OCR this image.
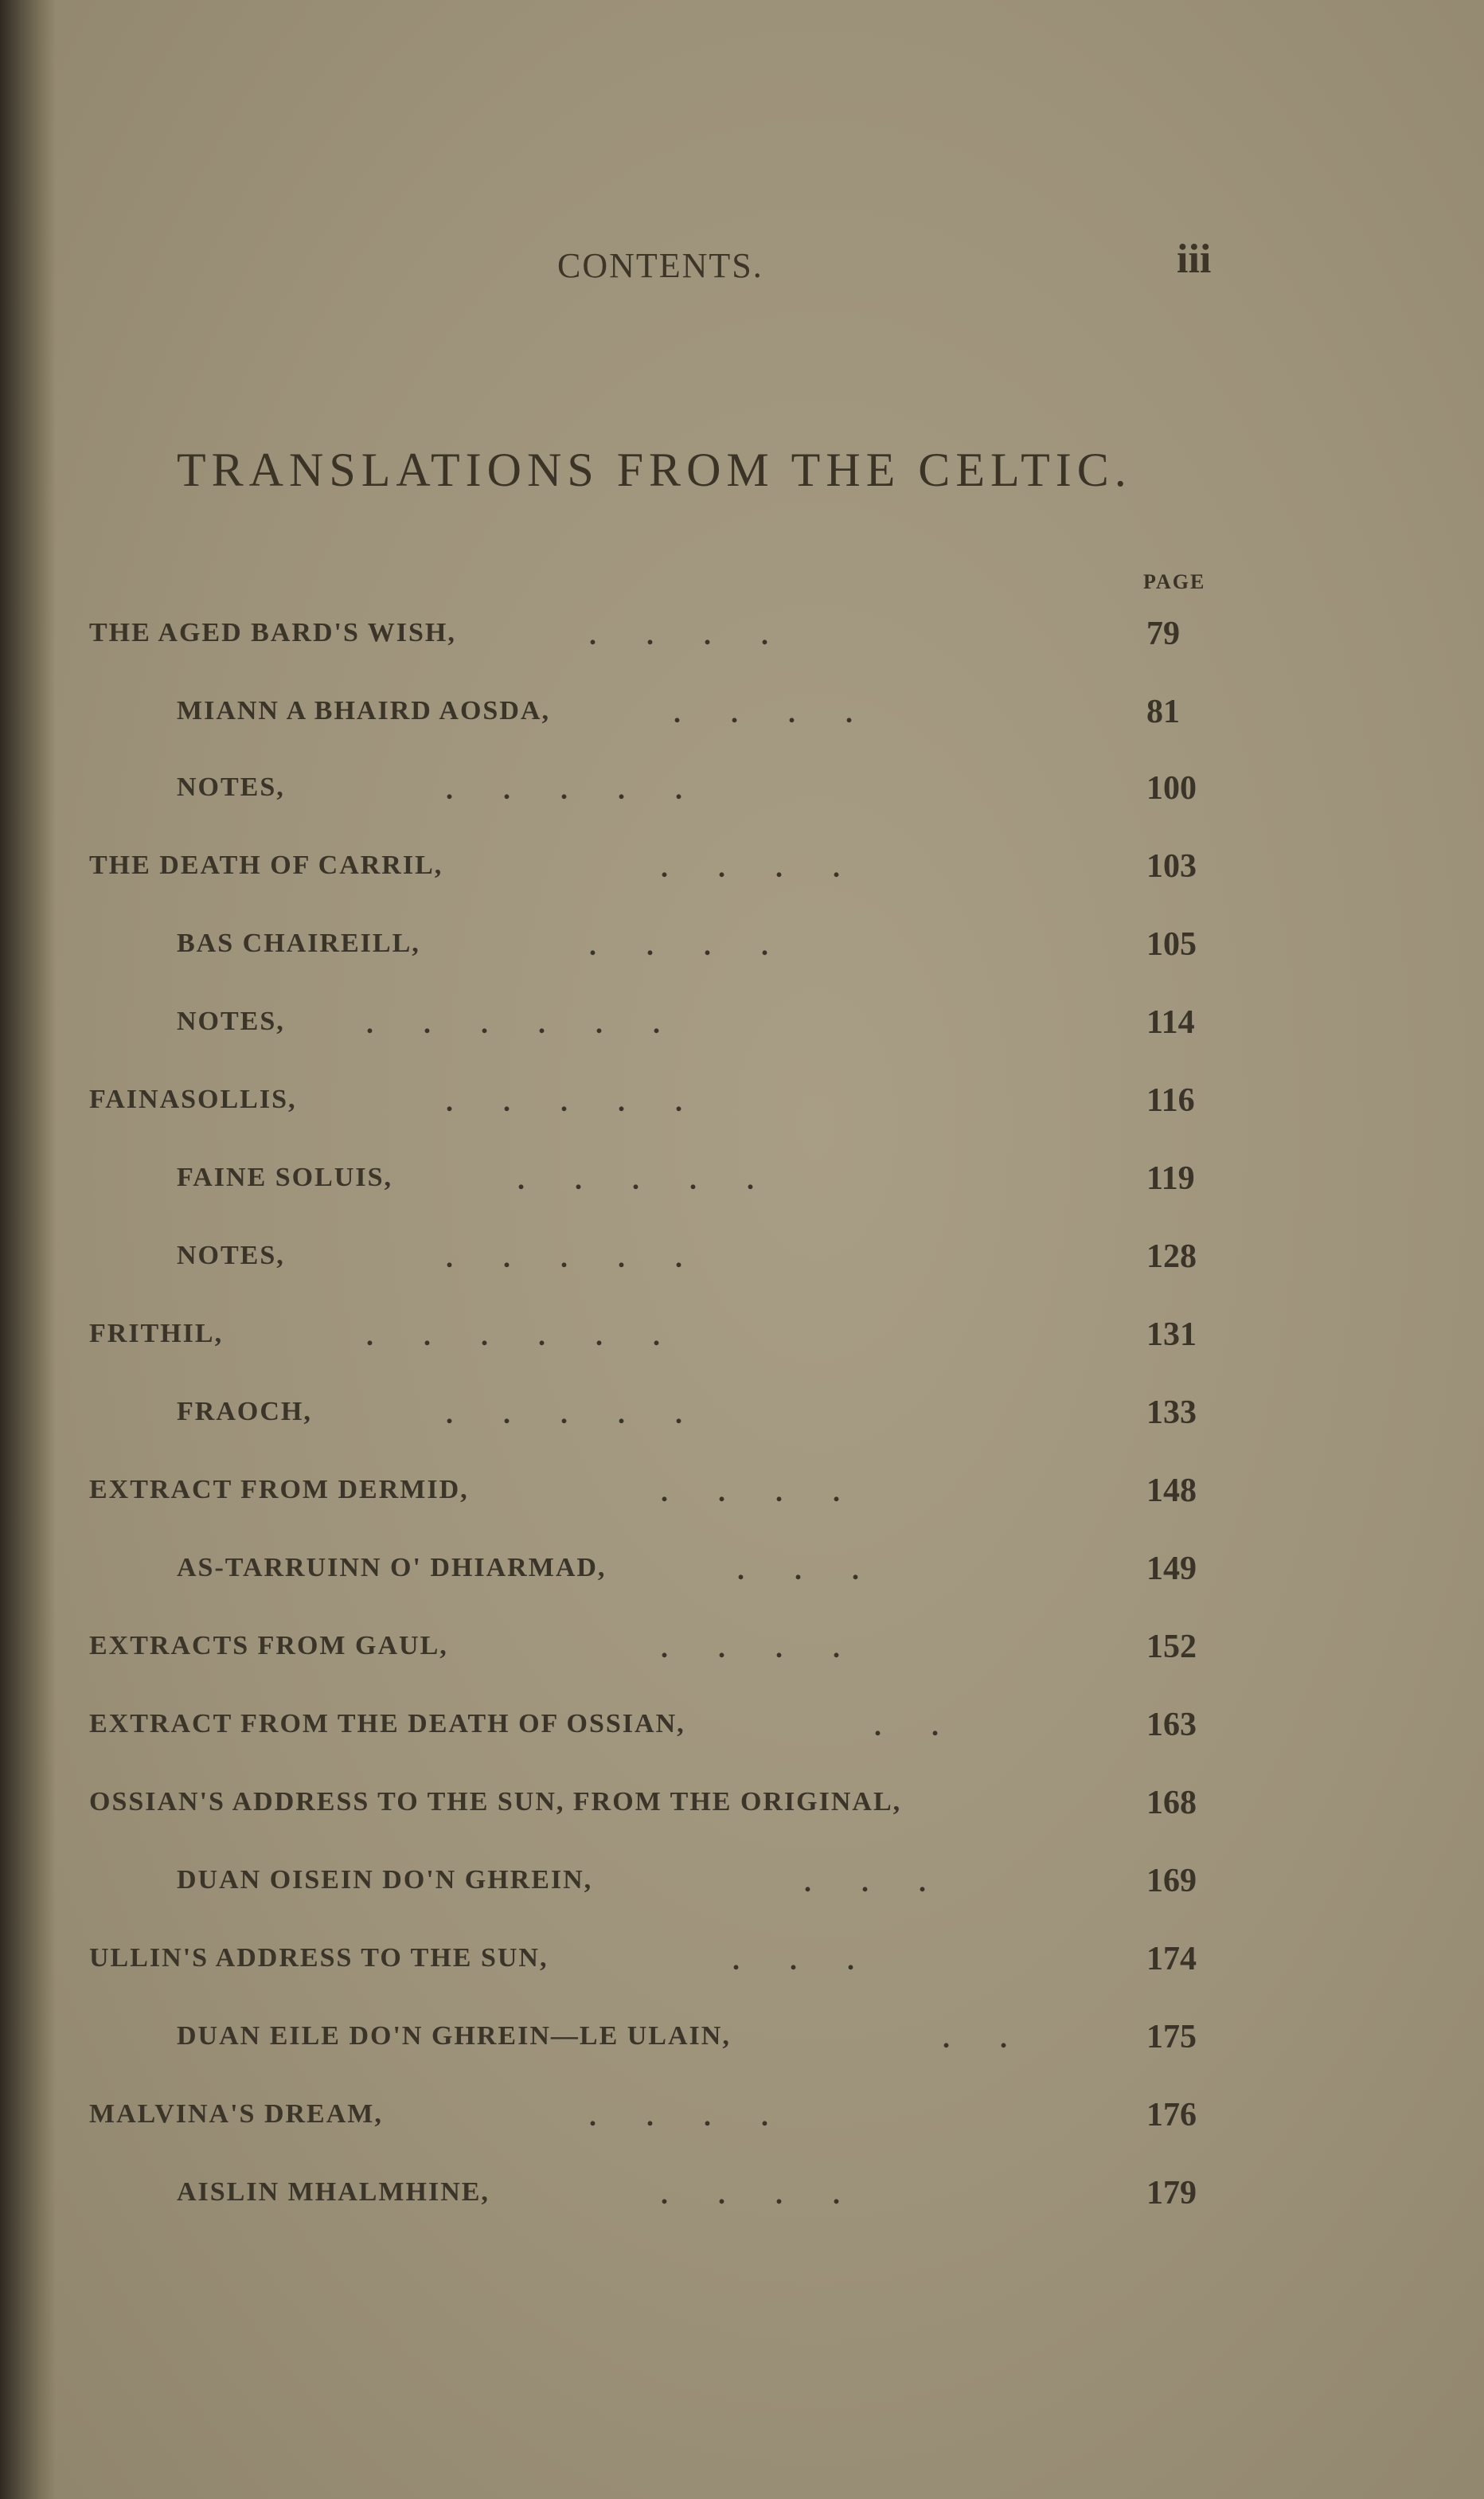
CONTENTS.	iii
TRANSLATIONS FROM THE CELTIC.
PAGE
THE AGED BARD'S WISH,	.       .       .       .	79
MIANN A BHAIRD AOSDA,	.       .       .       .	81
NOTES,	.       .       .       .       .	100
THE DEATH OF CARRIL,	.       .       .       .	103
BAS CHAIREILL,	.       .       .       .	105
NOTES,	.       .       .       .       .       .	114
FAINASOLLIS,	.       .       .       .       .	116
FAINE SOLUIS,	.       .       .       .       .	119
NOTES,	.       .       .       .       .	128
FRITHIL,	.       .       .       .       .       .	131
FRAOCH,	.       .       .       .       .	133
EXTRACT FROM DERMID,	.       .       .       .	148
AS-TARRUINN O' DHIARMAD,	.       .       .	149
EXTRACTS FROM GAUL,	.       .       .       .	152
EXTRACT FROM THE DEATH OF OSSIAN,	.       .	163
OSSIAN'S ADDRESS TO THE SUN, FROM THE ORIGINAL,	168
DUAN OISEIN DO'N GHREIN,	.       .       .	169
ULLIN'S ADDRESS TO THE SUN,	.       .       .	174
DUAN EILE DO'N GHREIN—LE ULAIN,	.       .	175
MALVINA'S DREAM,	.       .       .       .	176
AISLIN MHALMHINE,	.       .       .       .	179
